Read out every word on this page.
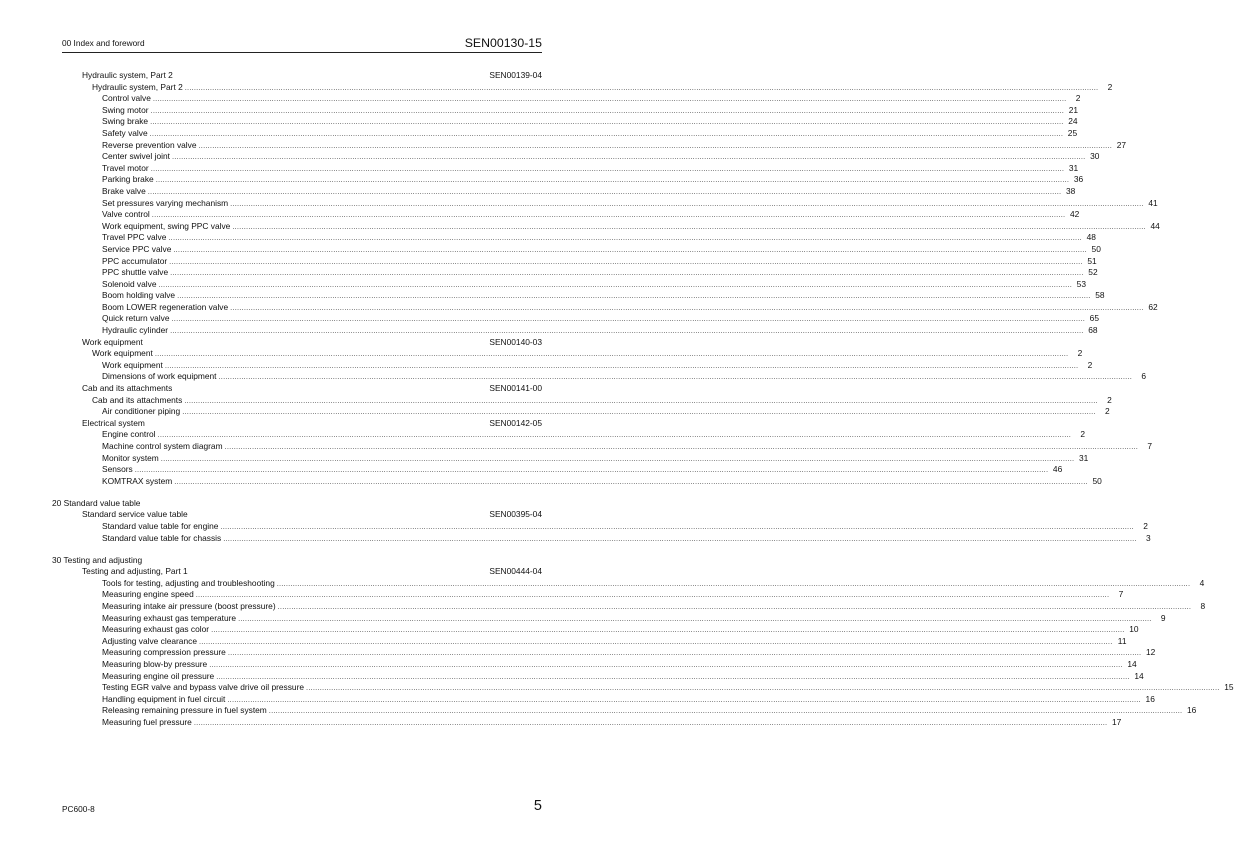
00 Index and foreword	SEN00130-15
Hydraulic system, Part 2	SEN00139-04
Hydraulic system, Part 2 ................................................................................................................................................................................................................................................................................................................................................................................................................	2
Control valve ................................................................................................................................................................................................................................................................................................................................................................................................................	2
Swing motor ................................................................................................................................................................................................................................................................................................................................................................................................................ 21
Swing brake ................................................................................................................................................................................................................................................................................................................................................................................................................ 24
Safety valve ................................................................................................................................................................................................................................................................................................................................................................................................................ 25
Reverse prevention valve ................................................................................................................................................................................................................................................................................................................................................................................................................ 27
Center swivel joint ................................................................................................................................................................................................................................................................................................................................................................................................................ 30
Travel motor ................................................................................................................................................................................................................................................................................................................................................................................................................ 31
Parking brake ................................................................................................................................................................................................................................................................................................................................................................................................................ 36
Brake valve ................................................................................................................................................................................................................................................................................................................................................................................................................ 38
Set pressures varying mechanism ................................................................................................................................................................................................................................................................................................................................................................................................................ 41
Valve control ................................................................................................................................................................................................................................................................................................................................................................................................................ 42
Work equipment, swing PPC valve ................................................................................................................................................................................................................................................................................................................................................................................................................ 44
Travel PPC valve ................................................................................................................................................................................................................................................................................................................................................................................................................ 48
Service PPC valve ................................................................................................................................................................................................................................................................................................................................................................................................................ 50
PPC accumulator ................................................................................................................................................................................................................................................................................................................................................................................................................ 51
PPC shuttle valve ................................................................................................................................................................................................................................................................................................................................................................................................................ 52
Solenoid valve ................................................................................................................................................................................................................................................................................................................................................................................................................ 53
Boom holding valve ................................................................................................................................................................................................................................................................................................................................................................................................................ 58
Boom LOWER regeneration valve ................................................................................................................................................................................................................................................................................................................................................................................................................ 62
Quick return valve ................................................................................................................................................................................................................................................................................................................................................................................................................ 65
Hydraulic cylinder ................................................................................................................................................................................................................................................................................................................................................................................................................ 68
Work equipment	SEN00140-03
Work equipment ................................................................................................................................................................................................................................................................................................................................................................................................................	2
Work equipment ................................................................................................................................................................................................................................................................................................................................................................................................................	2
Dimensions of work equipment ................................................................................................................................................................................................................................................................................................................................................................................................................	6
Cab and its attachments	SEN00141-00
Cab and its attachments ................................................................................................................................................................................................................................................................................................................................................................................................................	2
Air conditioner piping ................................................................................................................................................................................................................................................................................................................................................................................................................	2
Electrical system	SEN00142-05
Engine control ................................................................................................................................................................................................................................................................................................................................................................................................................	2
Machine control system diagram ................................................................................................................................................................................................................................................................................................................................................................................................................	7
Monitor system ................................................................................................................................................................................................................................................................................................................................................................................................................ 31
Sensors ................................................................................................................................................................................................................................................................................................................................................................................................................ 46
KOMTRAX system ................................................................................................................................................................................................................................................................................................................................................................................................................ 50
20 Standard value table
Standard service value table	SEN00395-04
Standard value table for engine ................................................................................................................................................................................................................................................................................................................................................................................................................	2
Standard value table for chassis ................................................................................................................................................................................................................................................................................................................................................................................................................	3
30 Testing and adjusting
Testing and adjusting, Part 1	SEN00444-04
Tools for testing, adjusting and troubleshooting ................................................................................................................................................................................................................................................................................................................................................................................................................	4
Measuring engine speed ................................................................................................................................................................................................................................................................................................................................................................................................................	7
Measuring intake air pressure (boost pressure) ................................................................................................................................................................................................................................................................................................................................................................................................................	8
Measuring exhaust gas temperature ................................................................................................................................................................................................................................................................................................................................................................................................................	9
Measuring exhaust gas color ................................................................................................................................................................................................................................................................................................................................................................................................................ 10
Adjusting valve clearance ................................................................................................................................................................................................................................................................................................................................................................................................................ 11
Measuring compression pressure ................................................................................................................................................................................................................................................................................................................................................................................................................ 12
Measuring blow-by pressure ................................................................................................................................................................................................................................................................................................................................................................................................................ 14
Measuring engine oil pressure ................................................................................................................................................................................................................................................................................................................................................................................................................ 14
Testing EGR valve and bypass valve drive oil pressure ................................................................................................................................................................................................................................................................................................................................................................................................................ 15
Handling equipment in fuel circuit ................................................................................................................................................................................................................................................................................................................................................................................................................ 16
Releasing remaining pressure in fuel system ................................................................................................................................................................................................................................................................................................................................................................................................................ 16
Measuring fuel pressure ................................................................................................................................................................................................................................................................................................................................................................................................................ 17
PC600-8	5
